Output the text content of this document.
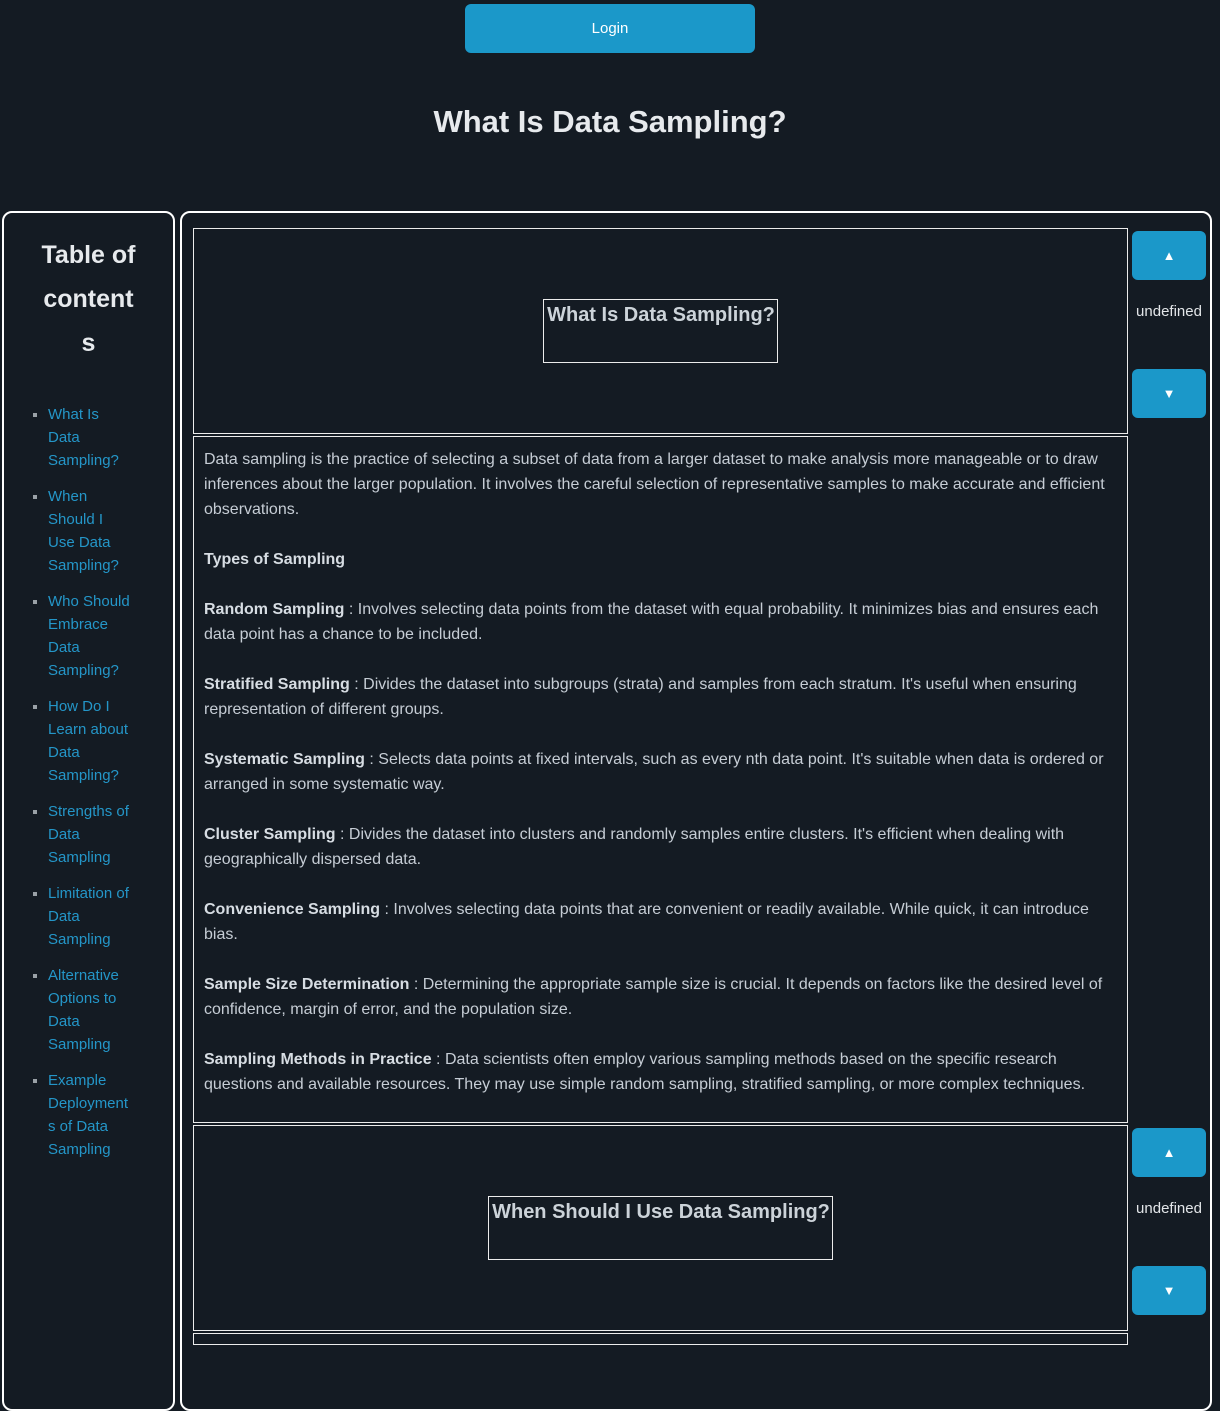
Login
What Is Data Sampling?
Table of contents
▪ What Is Data Sampling?
▪ When Should I Use Data Sampling?
▪ Who Should Embrace Data Sampling?
▪ How Do I Learn about Data Sampling?
▪ Strengths of Data Sampling
▪ Limitation of Data Sampling
▪ Alternative Options to Data Sampling
▪ Example Deployments of Data Sampling
What Is Data Sampling?

Data sampling is the practice of selecting a subset of data from a larger dataset to make analysis more manageable or to draw inferences about the larger population. It involves the careful selection of representative samples to make accurate and efficient observations.

Types of Sampling

Random Sampling : Involves selecting data points from the dataset with equal probability. It minimizes bias and ensures each data point has a chance to be included.

Stratified Sampling : Divides the dataset into subgroups (strata) and samples from each stratum. It's useful when ensuring representation of different groups.

Systematic Sampling : Selects data points at fixed intervals, such as every nth data point. It's suitable when data is ordered or arranged in some systematic way.

Cluster Sampling : Divides the dataset into clusters and randomly samples entire clusters. It's efficient when dealing with geographically dispersed data.

Convenience Sampling : Involves selecting data points that are convenient or readily available. While quick, it can introduce bias.

Sample Size Determination : Determining the appropriate sample size is crucial. It depends on factors like the desired level of confidence, margin of error, and the population size.

Sampling Methods in Practice : Data scientists often employ various sampling methods based on the specific research questions and available resources. They may use simple random sampling, stratified sampling, or more complex techniques.

▲
undefined
▼
When Should I Use Data Sampling?
▲
undefined
▼
